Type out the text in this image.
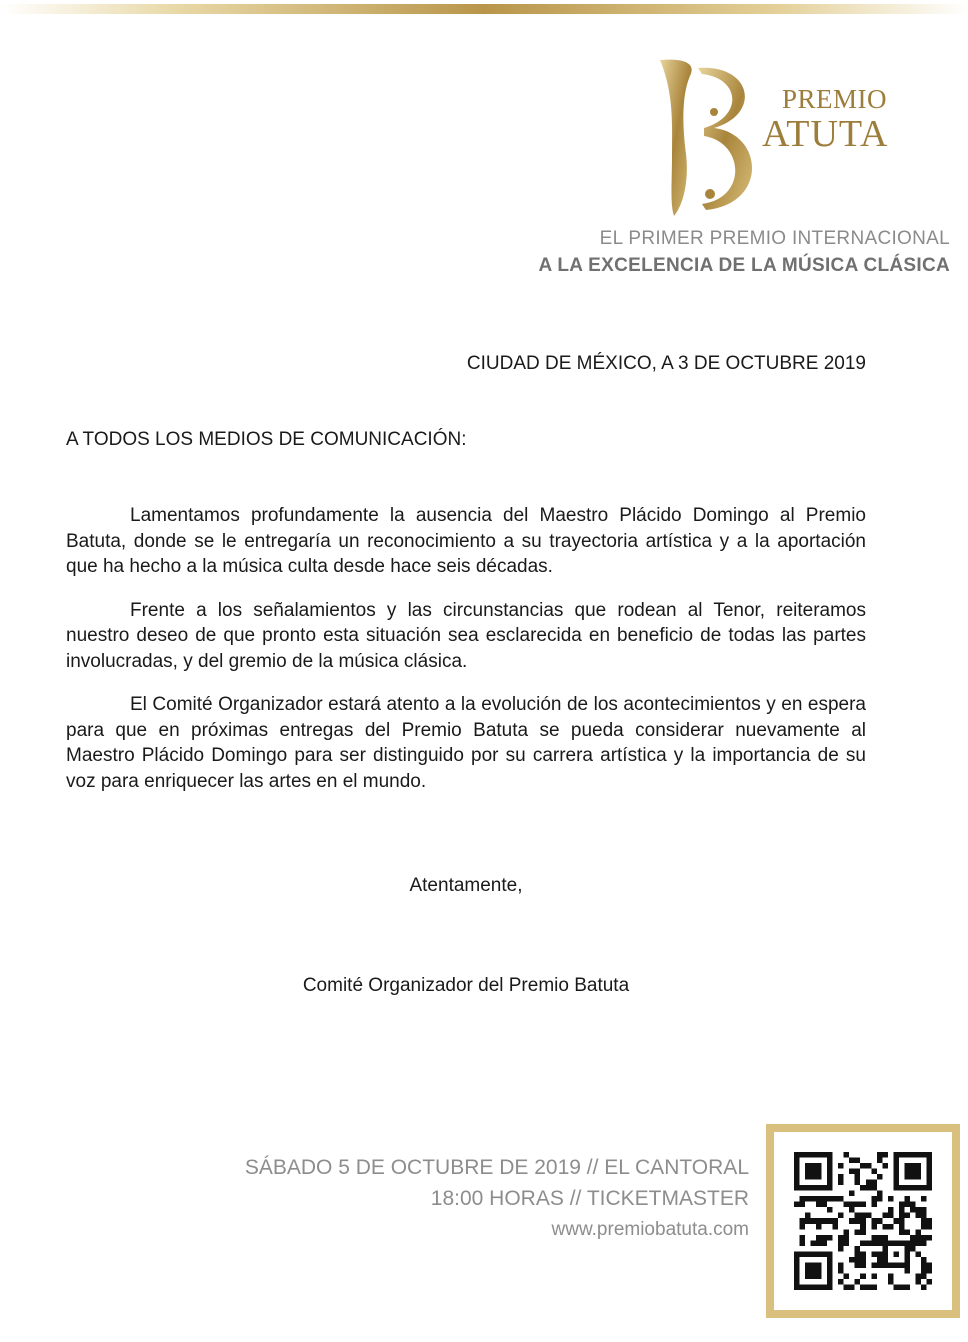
PREMIO
ATUTA
EL PRIMER PREMIO INTERNACIONAL
A LA EXCELENCIA DE LA MÚSICA CLÁSICA
CIUDAD DE MÉXICO, A 3 DE OCTUBRE 2019
A TODOS LOS MEDIOS DE COMUNICACIÓN:

Lamentamos profundamente la ausencia del Maestro Plácido Domingo al Premio Batuta, donde se le entregaría un reconocimiento a su trayectoria artística y a la aportación que ha hecho a la música culta desde hace seis décadas.

Frente a los señalamientos y las circunstancias que rodean al Tenor, reiteramos nuestro deseo de que pronto esta situación sea esclarecida en beneficio de todas las partes involucradas, y del gremio de la música clásica.

El Comité Organizador estará atento a la evolución de los acontecimientos y en espera para que en próximas entregas del Premio Batuta se pueda considerar nuevamente al Maestro Plácido Domingo para ser distinguido por su carrera artística y la importancia de su voz para enriquecer las artes en el mundo.

Atentamente,
Comité Organizador del Premio Batuta
SÁBADO 5 DE OCTUBRE DE 2019 // EL CANTORAL
18:00 HORAS // TICKETMASTER
www.premiobatuta.com
